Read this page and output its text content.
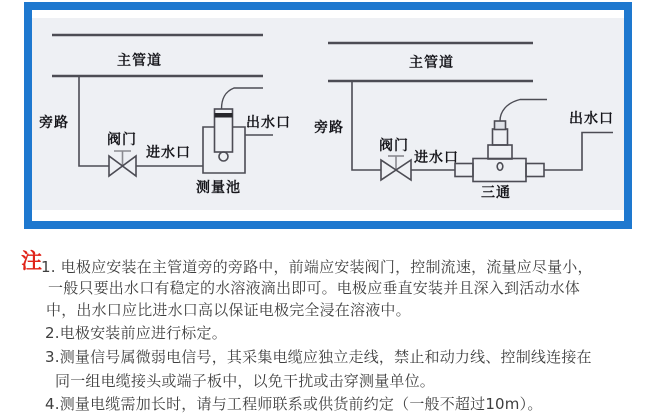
主管道
旁路
阀门
进水口
出水口
测量池
主管道
旁路
阀门
进水口
出水口
三通
注 1. 电极应安装在主管道旁的旁路中，前端应安装阀门，控制流速，流量应尽量小，
一般只要出水口有稳定的水溶液滴出即可。电极应垂直安装并且深入到活动水体
中，出水口应比进水口高以保证电极完全浸在溶液中。
2.电极安装前应进行标定。
3.测量信号属微弱电信号，其采集电缆应独立走线，禁止和动力线、控制线连接在
同一组电缆接头或端子板中，以免干扰或击穿测量单位。
4.测量电缆需加长时，请与工程师联系或供货前约定（一般不超过10m）。
